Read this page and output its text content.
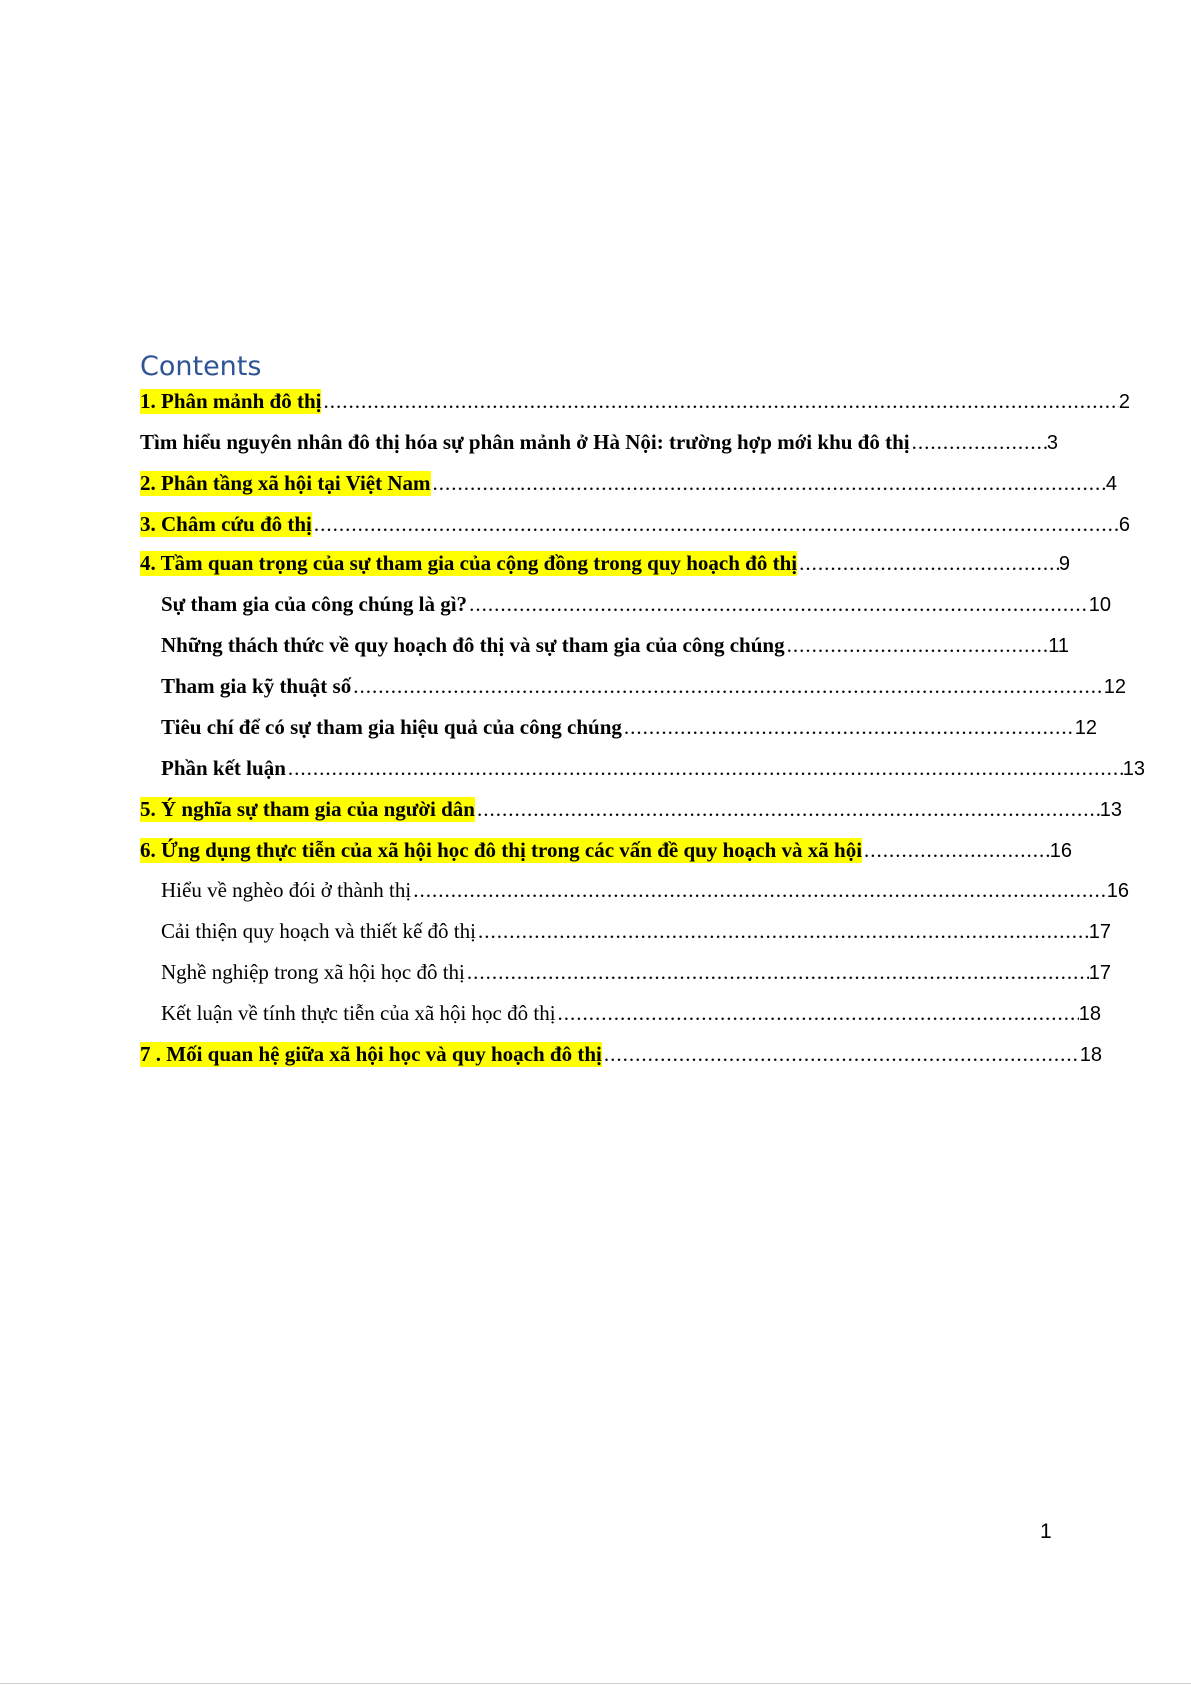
Contents
1. Phân mảnh đô thị .....	2
Tìm hiểu nguyên nhân đô thị hóa sự phân mảnh ở Hà Nội: trường hợp mới khu đô thị .....	3
2. Phân tầng xã hội tại Việt Nam .....	4
3. Châm cứu đô thị .....	6
4. Tầm quan trọng của sự tham gia của cộng đồng trong quy hoạch đô thị .....	9
Sự tham gia của công chúng là gì? .....	10
Những thách thức về quy hoạch đô thị và sự tham gia của công chúng .....	11
Tham gia kỹ thuật số .....	12
Tiêu chí để có sự tham gia hiệu quả của công chúng .....	12
Phần kết luận .....	13
5. Ý nghĩa sự tham gia của người dân .....	13
6. Ứng dụng thực tiễn của xã hội học đô thị trong các vấn đề quy hoạch và xã hội .....	16
Hiểu về nghèo đói ở thành thị .....	16
Cải thiện quy hoạch và thiết kế đô thị .....	17
Nghề nghiệp trong xã hội học đô thị .....	17
Kết luận về tính thực tiễn của xã hội học đô thị .....	18
7 . Mối quan hệ giữa xã hội học và quy hoạch đô thị .....	18
1
